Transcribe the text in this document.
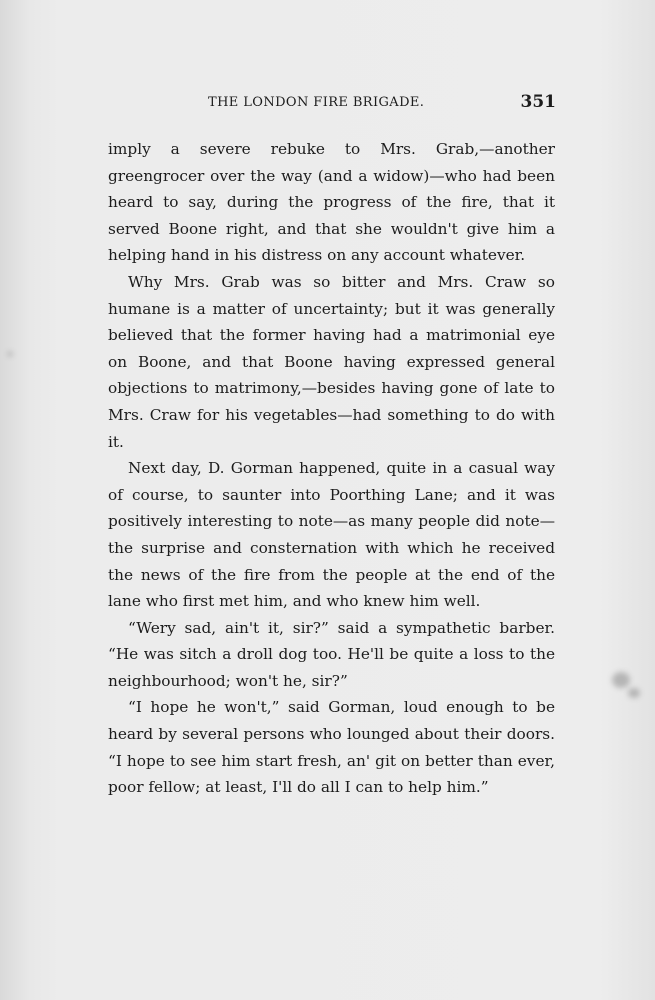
THE LONDON FIRE BRIGADE.	351

imply a severe rebuke to Mrs. Grab,—another greengrocer over the way (and a widow)—who had been heard to say, during the progress of the fire, that it served Boone right, and that she wouldn't give him a helping hand in his distress on any account whatever.

Why Mrs. Grab was so bitter and Mrs. Craw so humane is a matter of uncertainty; but it was generally believed that the former having had a matrimonial eye on Boone, and that Boone having expressed general objections to matrimony,—besides having gone of late to Mrs. Craw for his vegetables—had something to do with it.

Next day, D. Gorman happened, quite in a casual way of course, to saunter into Poorthing Lane; and it was positively interesting to note—as many people did note—the surprise and consternation with which he received the news of the fire from the people at the end of the lane who first met him, and who knew him well.

“Wery sad, ain't it, sir?” said a sympathetic barber. “He was sitch a droll dog too. He'll be quite a loss to the neighbourhood; won't he, sir?”

“I hope he won't,” said Gorman, loud enough to be heard by several persons who lounged about their doors. “I hope to see him start fresh, an' git on better than ever, poor fellow; at least, I'll do all I can to help him.”
